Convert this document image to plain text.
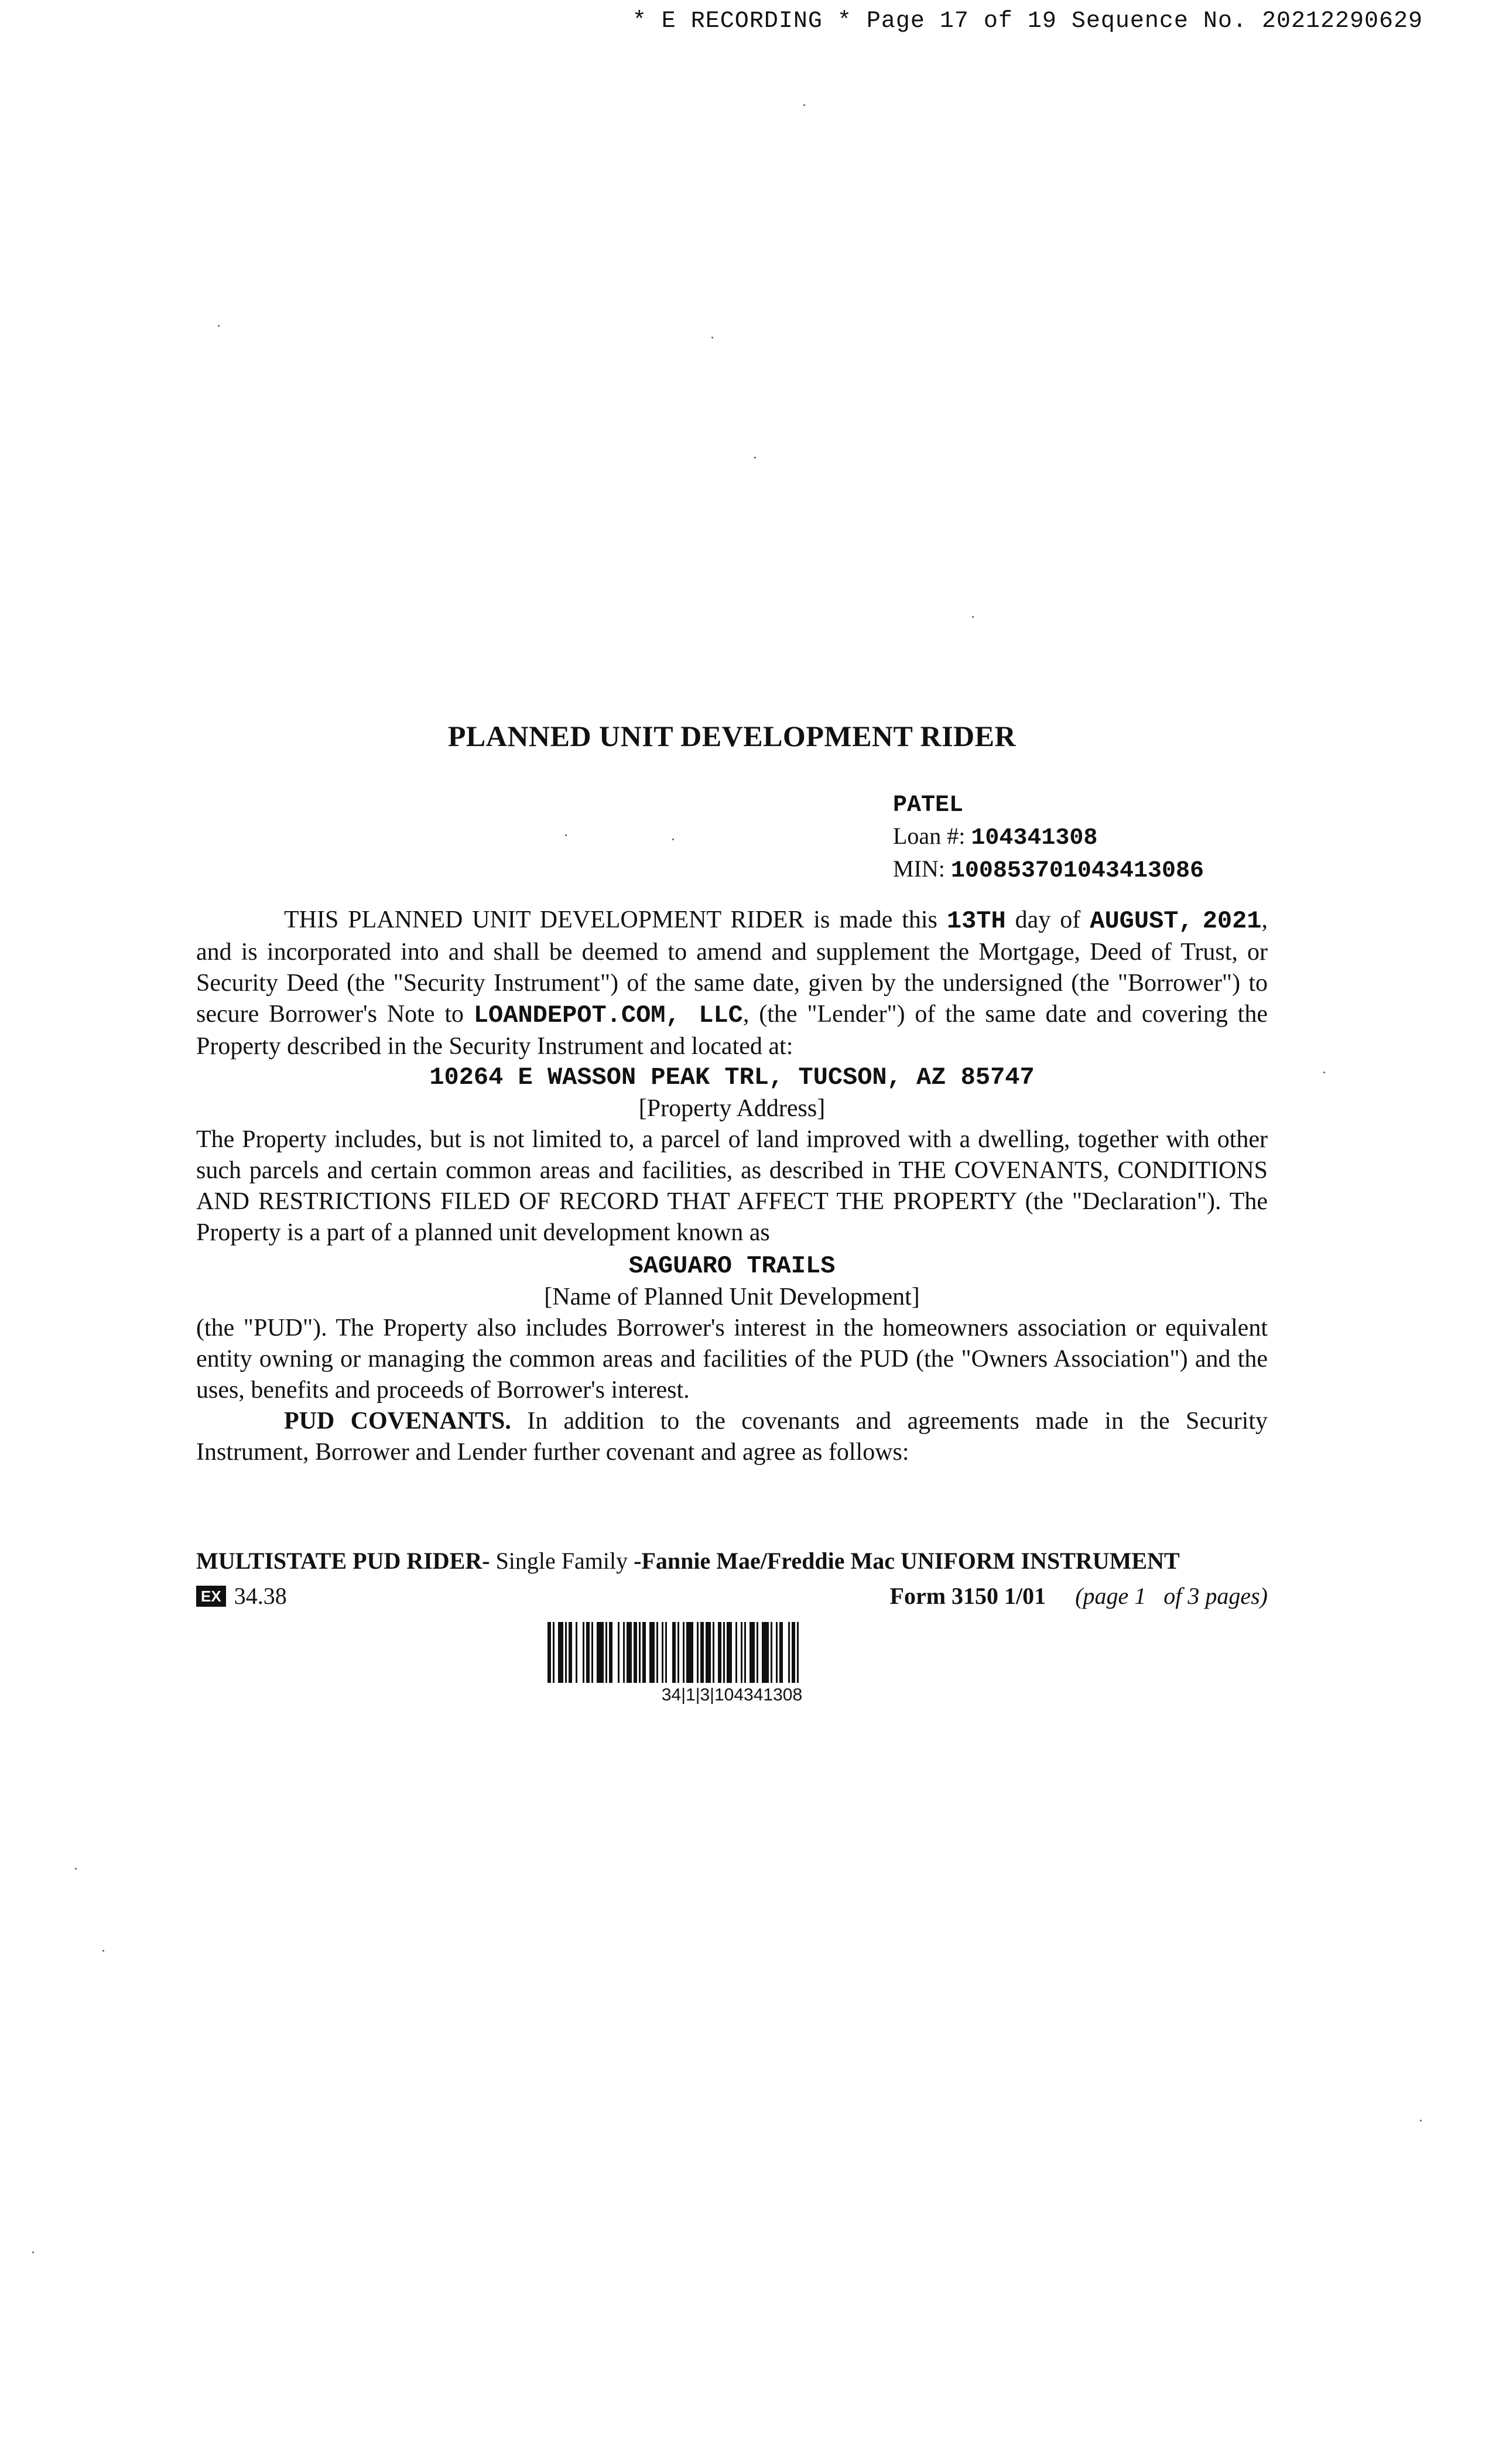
* E RECORDING * Page 17 of 19 Sequence No. 20212290629
PLANNED UNIT DEVELOPMENT RIDER
PATEL
Loan #: 104341308
MIN: 100853701043413086

THIS PLANNED UNIT DEVELOPMENT RIDER is made this 13TH day of AUGUST, 2021, and is incorporated into and shall be deemed to amend and supplement the Mortgage, Deed of Trust, or Security Deed (the "Security Instrument") of the same date, given by the undersigned (the "Borrower") to secure Borrower's Note to LOANDEPOT.COM, LLC, (the "Lender") of the same date and covering the Property described in the Security Instrument and located at:

10264 E WASSON PEAK TRL, TUCSON, AZ 85747

[Property Address]

The Property includes, but is not limited to, a parcel of land improved with a dwelling, together with other such parcels and certain common areas and facilities, as described in THE COVENANTS, CONDITIONS AND RESTRICTIONS FILED OF RECORD THAT AFFECT THE PROPERTY (the "Declaration"). The Property is a part of a planned unit development known as

SAGUARO TRAILS

[Name of Planned Unit Development]

(the "PUD"). The Property also includes Borrower's interest in the homeowners association or equivalent entity owning or managing the common areas and facilities of the PUD (the "Owners Association") and the uses, benefits and proceeds of Borrower's interest.

PUD COVENANTS. In addition to the covenants and agreements made in the Security Instrument, Borrower and Lender further covenant and agree as follows:

MULTISTATE PUD RIDER- Single Family -Fannie Mae/Freddie Mac UNIFORM INSTRUMENT
EX 34.38	Form 3150 1/01 (page 1 of 3 pages)
34|1|3|104341308
